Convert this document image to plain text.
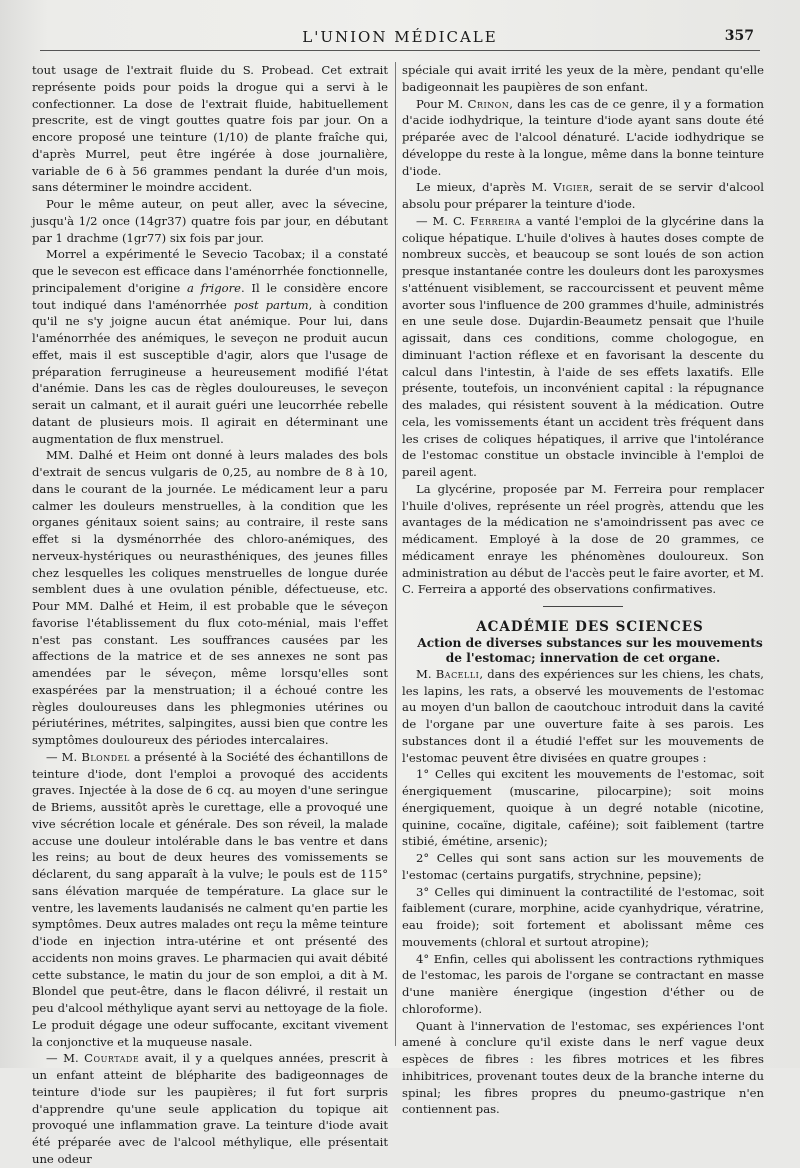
L'UNION MÉDICALE	357

tout usage de l'extrait fluide du S. Probead. Cet extrait représente poids pour poids la drogue qui a servi à le confectionner. La dose de l'extrait fluide, habituellement prescrite, est de vingt gouttes quatre fois par jour. On a encore proposé une teinture (1/10) de plante fraîche qui, d'après Murrel, peut être ingérée à dose journalière, variable de 6 à 56 grammes pendant la durée d'un mois, sans déterminer le moindre accident.

Pour le même auteur, on peut aller, avec la sévecine, jusqu'à 1/2 once (14gr37) quatre fois par jour, en débutant par 1 drachme (1gr77) six fois par jour.

Morrel a expérimenté le Sevecio Tacobax; il a constaté que le sevecon est efficace dans l'aménorrhée fonctionnelle, principalement d'origine a frigore. Il le considère encore tout indiqué dans l'aménorrhée post partum, à condition qu'il ne s'y joigne aucun état anémique. Pour lui, dans l'aménorrhée des anémiques, le seveçon ne produit aucun effet, mais il est susceptible d'agir, alors que l'usage de préparation ferrugineuse a heureusement modifié l'état d'anémie. Dans les cas de règles douloureuses, le seveçon serait un calmant, et il aurait guéri une leucorrhée rebelle datant de plusieurs mois. Il agirait en déterminant une augmentation de flux menstruel.

MM. Dalhé et Heim ont donné à leurs malades des bols d'extrait de sencus vulgaris de 0,25, au nombre de 8 à 10, dans le courant de la journée. Le médicament leur a paru calmer les douleurs menstruelles, à la condition que les organes génitaux soient sains; au contraire, il reste sans effet si la dysménorrhée des chloro-anémiques, des nerveux-hystériques ou neurasthéniques, des jeunes filles chez lesquelles les coliques menstruelles de longue durée semblent dues à une ovulation pénible, défectueuse, etc. Pour MM. Dalhé et Heim, il est probable que le séveçon favorise l'établissement du flux coto-ménial, mais l'effet n'est pas constant. Les souffrances causées par les affections de la matrice et de ses annexes ne sont pas amendées par le séveçon, même lorsqu'elles sont exaspérées par la menstruation; il a échoué contre les règles douloureuses dans les phlegmonies utérines ou périutérines, métrites, salpingites, aussi bien que contre les symptômes douloureux des périodes intercalaires.

— M. Blondel a présenté à la Société des échantillons de teinture d'iode, dont l'emploi a provoqué des accidents graves. Injectée à la dose de 6 cq. au moyen d'une seringue de Briems, aussitôt après le curettage, elle a provoqué une vive sécrétion locale et générale. Des son réveil, la malade accuse une douleur intolérable dans le bas ventre et dans les reins; au bout de deux heures des vomissements se déclarent, du sang apparaît à la vulve; le pouls est de 115° sans élévation marquée de température. La glace sur le ventre, les lavements laudanisés ne calment qu'en partie les symptômes. Deux autres malades ont reçu la même teinture d'iode en injection intra-utérine et ont présenté des accidents non moins graves. Le pharmacien qui avait débité cette substance, le matin du jour de son emploi, a dit à M. Blondel que peut-être, dans le flacon délivré, il restait un peu d'alcool méthylique ayant servi au nettoyage de la fiole. Le produit dégage une odeur suffocante, excitant vivement la conjonctive et la muqueuse nasale.

— M. Courtade avait, il y a quelques années, prescrit à un enfant atteint de blépharite des badigeonnages de teinture d'iode sur les paupières; il fut fort surpris d'apprendre qu'une seule application du topique ait provoqué une inflammation grave. La teinture d'iode avait été préparée avec de l'alcool méthylique, elle présentait une odeur

spéciale qui avait irrité les yeux de la mère, pendant qu'elle badigeonnait les paupières de son enfant.

Pour M. Crinon, dans les cas de ce genre, il y a formation d'acide iodhydrique, la teinture d'iode ayant sans doute été préparée avec de l'alcool dénaturé. L'acide iodhydrique se développe du reste à la longue, même dans la bonne teinture d'iode.

Le mieux, d'après M. Vigier, serait de se servir d'alcool absolu pour préparer la teinture d'iode.

— M. C. Ferreira a vanté l'emploi de la glycérine dans la colique hépatique. L'huile d'olives à hautes doses compte de nombreux succès, et beaucoup se sont loués de son action presque instantanée contre les douleurs dont les paroxysmes s'atténuent visiblement, se raccourcissent et peuvent même avorter sous l'influence de 200 grammes d'huile, administrés en une seule dose. Dujardin-Beaumetz pensait que l'huile agissait, dans ces conditions, comme chologogue, en diminuant l'action réflexe et en favorisant la descente du calcul dans l'intestin, à l'aide de ses effets laxatifs. Elle présente, toutefois, un inconvénient capital : la répugnance des malades, qui résistent souvent à la médication. Outre cela, les vomissements étant un accident très fréquent dans les crises de coliques hépatiques, il arrive que l'intolérance de l'estomac constitue un obstacle invincible à l'emploi de pareil agent.

La glycérine, proposée par M. Ferreira pour remplacer l'huile d'olives, représente un réel progrès, attendu que les avantages de la médication ne s'amoindrissent pas avec ce médicament. Employé à la dose de 20 grammes, ce médicament enraye les phénomènes douloureux. Son administration au début de l'accès peut le faire avorter, et M. C. Ferreira a apporté des observations confirmatives.

ACADÉMIE DES SCIENCES

Action de diverses substances sur les mouvements de l'estomac; innervation de cet organe.

M. Bacelli, dans des expériences sur les chiens, les chats, les lapins, les rats, a observé les mouvements de l'estomac au moyen d'un ballon de caoutchouc introduit dans la cavité de l'organe par une ouverture faite à ses parois. Les substances dont il a étudié l'effet sur les mouvements de l'estomac peuvent être divisées en quatre groupes :

1° Celles qui excitent les mouvements de l'estomac, soit énergiquement (muscarine, pilocarpine); soit moins énergiquement, quoique à un degré notable (nicotine, quinine, cocaïne, digitale, caféine); soit faiblement (tartre stibié, émétine, arsenic);

2° Celles qui sont sans action sur les mouvements de l'estomac (certains purgatifs, strychnine, pepsine);

3° Celles qui diminuent la contractilité de l'estomac, soit faiblement (curare, morphine, acide cyanhydrique, vératrine, eau froide); soit fortement et abolissant même ces mouvements (chloral et surtout atropine);

4° Enfin, celles qui abolissent les contractions rythmiques de l'estomac, les parois de l'organe se contractant en masse d'une manière énergique (ingestion d'éther ou de chloroforme).

Quant à l'innervation de l'estomac, ses expériences l'ont amené à conclure qu'il existe dans le nerf vague deux espèces de fibres : les fibres motrices et les fibres inhibitrices, provenant toutes deux de la branche interne du spinal; les fibres propres du pneumo-gastrique n'en contiennent pas.
